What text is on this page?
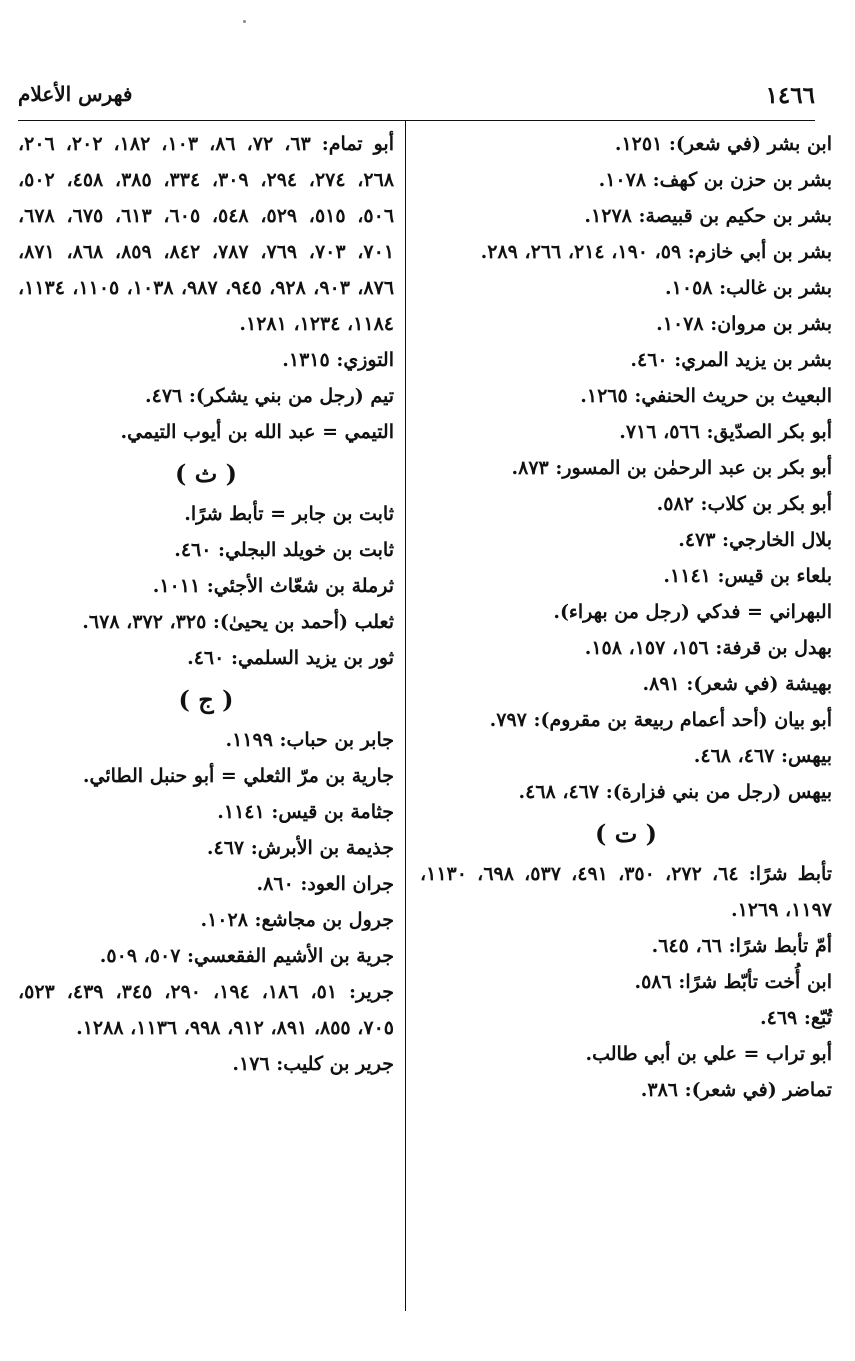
١٤٦٦
فهرس الأعلام

ابن بشر (في شعر): ١٢٥١.

بشر بن حزن بن كهف: ١٠٧٨.

بشر بن حكيم بن قبيصة: ١٢٧٨.

بشر بن أبي خازم: ٥٩، ١٩٠، ٢١٤، ٢٦٦، ٢٨٩.

بشر بن غالب: ١٠٥٨.

بشر بن مروان: ١٠٧٨.

بشر بن يزيد المري: ٤٦٠.

البعيث بن حريث الحنفي: ١٢٦٥.

أبو بكر الصدّيق: ٥٦٦، ٧١٦.

أبو بكر بن عبد الرحمٰن بن المسور: ٨٧٣.

أبو بكر بن كلاب: ٥٨٢.

بلال الخارجي: ٤٧٣.

بلعاء بن قيس: ١١٤١.

البهراني = فدكي (رجل من بهراء).

بهدل بن قرفة: ١٥٦، ١٥٧، ١٥٨.

بهيشة (في شعر): ٨٩١.

أبو بيان (أحد أعمام ربيعة بن مقروم): ٧٩٧.

بيهس: ٤٦٧، ٤٦٨.

بيهس (رجل من بني فزارة): ٤٦٧، ٤٦٨.

( ت )

تأبط شرًا: ٦٤، ٢٧٢، ٣٥٠، ٤٩١، ٥٣٧، ٦٩٨، ١١٣٠، ١١٩٧، ١٢٦٩.

أمّ تأبط شرًا: ٦٦، ٦٤٥.

ابن أُخت تأبّط شرًا: ٥٨٦.

تُبّع: ٤٦٩.

أبو تراب = علي بن أبي طالب.

تماضر (في شعر): ٣٨٦.

أبو تمام: ٦٣، ٧٢، ٨٦، ١٠٣، ١٨٢، ٢٠٢، ٢٠٦، ٢٦٨، ٢٧٤، ٢٩٤، ٣٠٩، ٣٣٤، ٣٨٥، ٤٥٨، ٥٠٢، ٥٠٦، ٥١٥، ٥٢٩، ٥٤٨، ٦٠٥، ٦١٣، ٦٧٥، ٦٧٨، ٧٠١، ٧٠٣، ٧٦٩، ٧٨٧، ٨٤٢، ٨٥٩، ٨٦٨، ٨٧١، ٨٧٦، ٩٠٣، ٩٢٨، ٩٤٥، ٩٨٧، ١٠٣٨، ١١٠٥، ١١٣٤، ١١٨٤، ١٢٣٤، ١٢٨١.

التوزي: ١٣١٥.

تيم (رجل من بني يشكر): ٤٧٦.

التيمي = عبد الله بن أيوب التيمي.

( ث )

ثابت بن جابر = تأبط شرًا.

ثابت بن خويلد البجلي: ٤٦٠.

ثرملة بن شعّاث الأجئي: ١٠١١.

ثعلب (أحمد بن يحيىٰ): ٣٢٥، ٣٧٢، ٦٧٨.

ثور بن يزيد السلمي: ٤٦٠.

( ج )

جابر بن حباب: ١١٩٩.

جارية بن مرّ الثعلي = أبو حنبل الطائي.

جثامة بن قيس: ١١٤١.

جذيمة بن الأبرش: ٤٦٧.

جران العود: ٨٦٠.

جرول بن مجاشع: ١٠٢٨.

جرية بن الأشيم الفقعسي: ٥٠٧، ٥٠٩.

جرير: ٥١، ١٨٦، ١٩٤، ٢٩٠، ٣٤٥، ٤٣٩، ٥٢٣، ٧٠٥، ٨٥٥، ٨٩١، ٩١٢، ٩٩٨، ١١٣٦، ١٢٨٨.

جرير بن كليب: ١٧٦.
